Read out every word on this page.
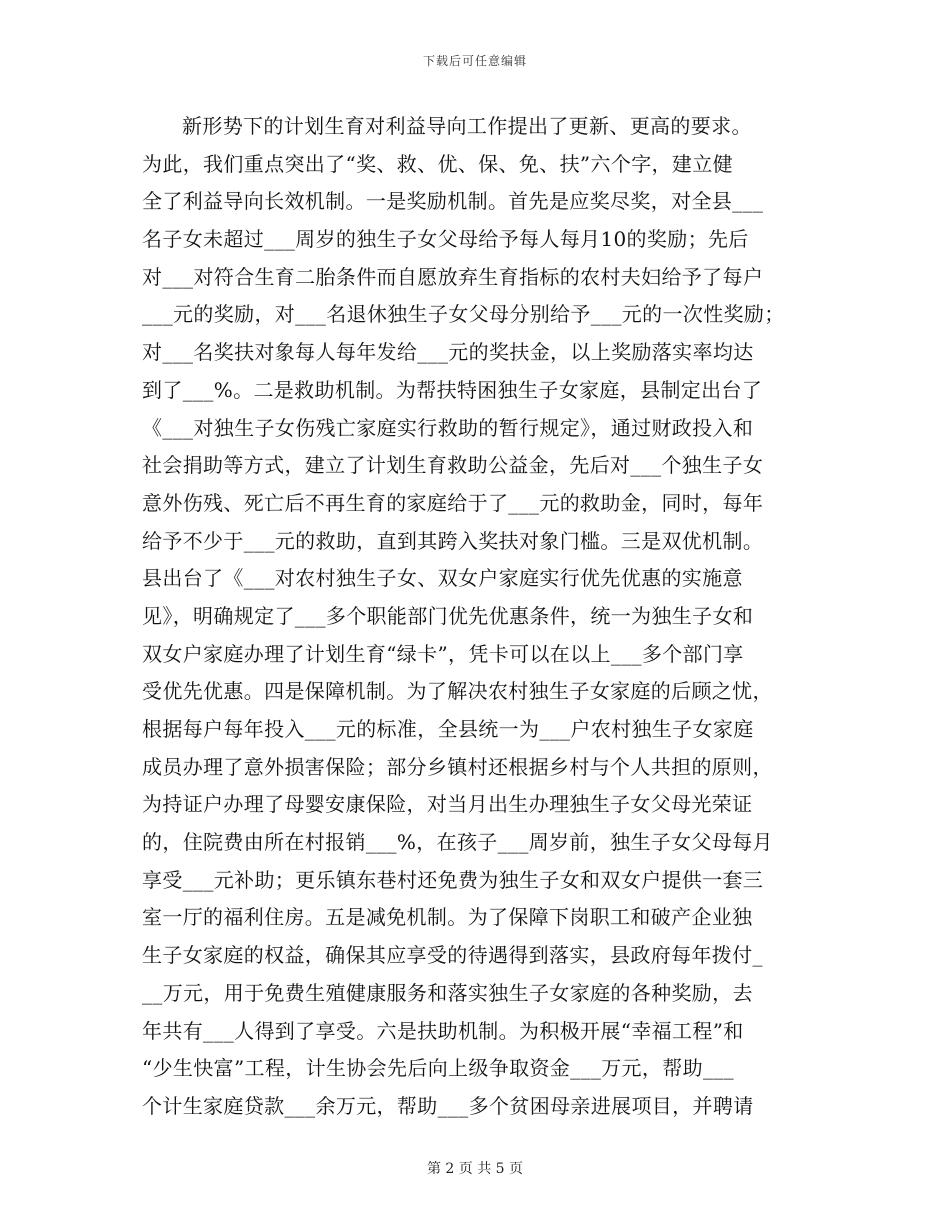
下载后可任意编辑
新形势下的计划生育对利益导向工作提出了更新、更高的要求。
为此，我们重点突出了“奖、救、优、保、免、扶”六个字，建立健
全了利益导向长效机制。一是奖励机制。首先是应奖尽奖，对全县___
名子女未超过___周岁的独生子女父母给予每人每月10的奖励；先后
对___对符合生育二胎条件而自愿放弃生育指标的农村夫妇给予了每户
___元的奖励，对___名退休独生子女父母分别给予___元的一次性奖励；
对___名奖扶对象每人每年发给___元的奖扶金，以上奖励落实率均达
到了___%。二是救助机制。为帮扶特困独生子女家庭，县制定出台了
《___对独生子女伤残亡家庭实行救助的暂行规定》，通过财政投入和
社会捐助等方式，建立了计划生育救助公益金，先后对___个独生子女
意外伤残、死亡后不再生育的家庭给于了___元的救助金，同时，每年
给予不少于___元的救助，直到其跨入奖扶对象门槛。三是双优机制。
县出台了《___对农村独生子女、双女户家庭实行优先优惠的实施意
见》，明确规定了___多个职能部门优先优惠条件，统一为独生子女和
双女户家庭办理了计划生育“绿卡”，凭卡可以在以上___多个部门享
受优先优惠。四是保障机制。为了解决农村独生子女家庭的后顾之忧，
根据每户每年投入___元的标准，全县统一为___户农村独生子女家庭
成员办理了意外损害保险；部分乡镇村还根据乡村与个人共担的原则，
为持证户办理了母婴安康保险，对当月出生办理独生子女父母光荣证
的，住院费由所在村报销___%，在孩子___周岁前，独生子女父母每月
享受___元补助；更乐镇东巷村还免费为独生子女和双女户提供一套三
室一厅的福利住房。五是减免机制。为了保障下岗职工和破产企业独
生子女家庭的权益，确保其应享受的待遇得到落实，县政府每年拨付_
__万元，用于免费生殖健康服务和落实独生子女家庭的各种奖励，去
年共有___人得到了享受。六是扶助机制。为积极开展“幸福工程”和
“少生快富”工程，计生协会先后向上级争取资金___万元，帮助___
个计生家庭贷款___余万元，帮助___多个贫困母亲进展项目，并聘请
第 2 页 共 5 页
